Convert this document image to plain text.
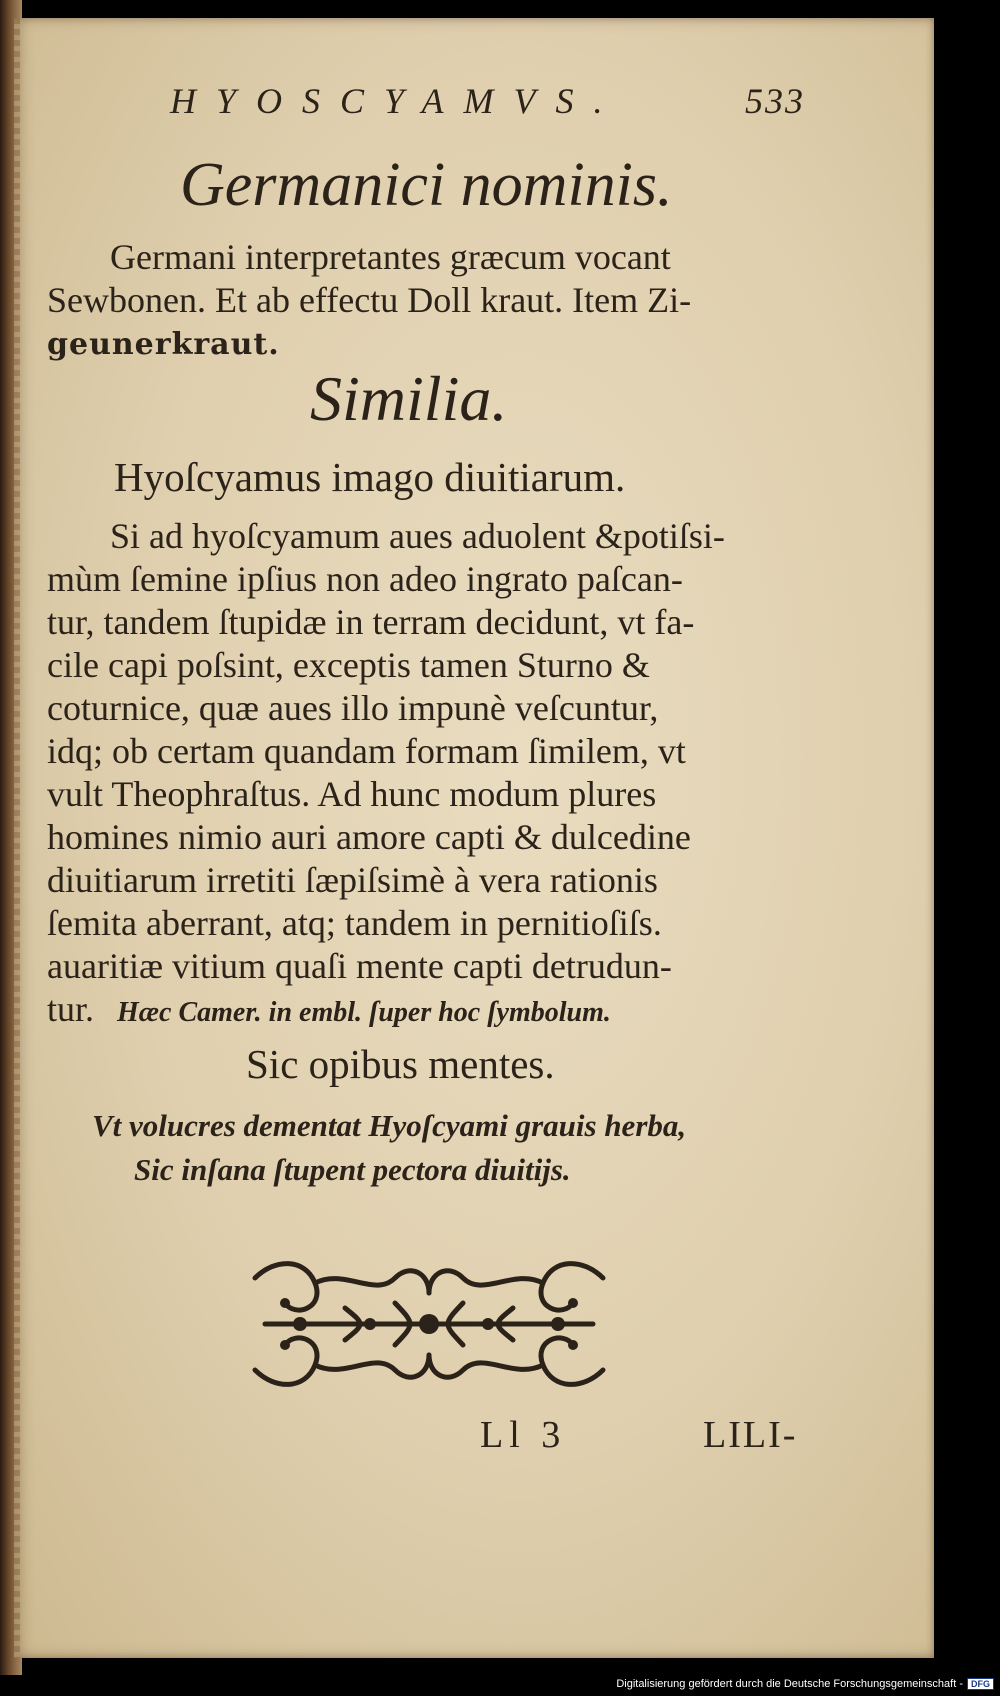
HYOSCYAMVS.	533
Germanici nominis.
Germani interpretantes græcum vocant
Sewbonen. Et ab effectu Doll kraut. Item Zi-
geunerkraut.
Similia.
Hyoſcyamus imago diuitiarum.
Si ad hyoſcyamum aues aduolent &potiſsi-
mùm ſemine ipſius non adeo ingrato paſcan-
tur, tandem ſtupidæ in terram decidunt, vt fa-
cile capi poſsint, exceptis tamen Sturno &
coturnice, quæ aues illo impunè veſcuntur,
idq; ob certam quandam formam ſimilem, vt
vult Theophraſtus. Ad hunc modum plures
homines nimio auri amore capti & dulcedine
diuitiarum irretiti ſæpiſsimè à vera rationis
ſemita aberrant, atq; tandem in pernitioſiſs.
auaritiæ vitium quaſi mente capti detrudun-
tur. Hæc Camer. in embl. ſuper hoc ſymbolum.
Sic opibus mentes.
Vt volucres dementat Hyoſcyami grauis herba,
Sic inſana ſtupent pectora diuitijs.
Ll 3	LILI-
Digitalisierung gefördert durch die Deutsche Forschungsgemeinschaft - DFG
